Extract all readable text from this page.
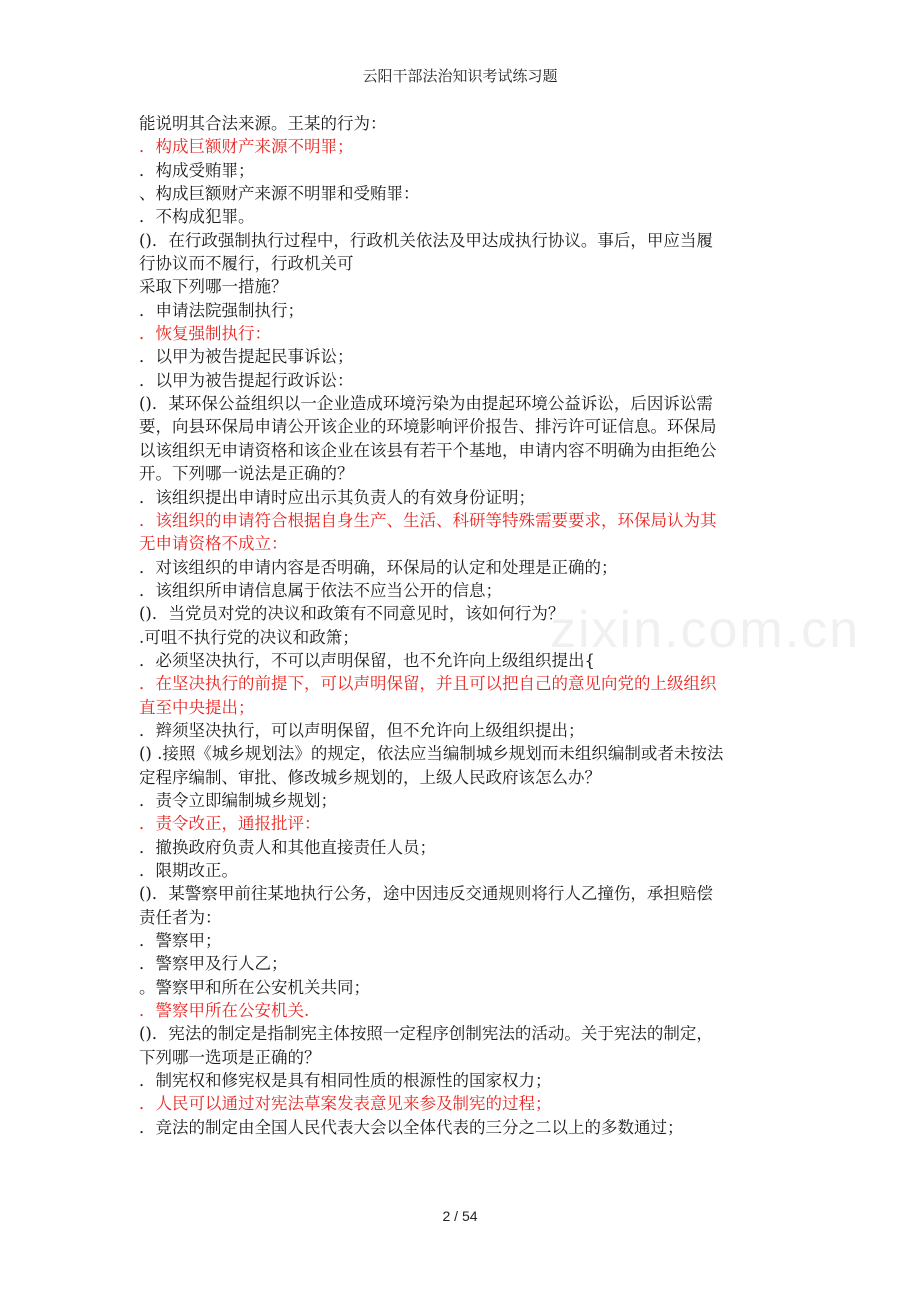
云阳干部法治知识考试练习题
zixin.com.cn
能说明其合法来源。王某的行为：
．构成巨额财产来源不明罪；
．构成受贿罪；
、构成巨额财产来源不明罪和受贿罪：
．不构成犯罪。
()．在行政强制执行过程中，行政机关依法及甲达成执行协议。事后，甲应当履
行协议而不履行，行政机关可
采取下列哪一措施？
．申请法院强制执行；
．恢复强制执行：
．以甲为被告提起民事诉讼；
．以甲为被告提起行政诉讼：
()．某环保公益组织以一企业造成环境污染为由提起环境公益诉讼，后因诉讼需
要，向县环保局申请公开该企业的环境影响评价报告、排污许可证信息。环保局
以该组织无申请资格和该企业在该县有若干个基地，申请内容不明确为由拒绝公
开。下列哪一说法是正确的？
．该组织提出申请时应出示其负责人的有效身份证明；
．该组织的申请符合根据自身生产、生活、科研等特殊需要要求，环保局认为其
无申请资格不成立：
．对该组织的申请内容是否明确，环保局的认定和处理是正确的；
．该组织所申请信息属于依法不应当公开的信息；
()．当党员对党的决议和政策有不同意见时，该如何行为？
.可咀不执行党的决议和政箫；
．必须坚决执行，不可以声明保留，也不允许向上级组织提出{
．在坚决执行的前提下，可以声明保留，并且可以把自己的意见向党的上级组织
直至中央提出；
．辫须坚决执行，可以声明保留，但不允许向上级组织提出；
() .接照《城乡规划法》的规定，依法应当编制城乡规划而未组织编制或者未按法
定程序编制、审批、修改城乡规划的，上级人民政府该怎么办？
．责令立即编制城乡规划；
．责令改正，通报批评：
．撤换政府负责人和其他直接责任人员；
．限期改正。
()．某警察甲前往某地执行公务，途中因违反交通规则将行人乙撞伤，承担赔偿
责任者为：
．警察甲；
．警察甲及行人乙；
。警察甲和所在公安机关共同；
．警察甲所在公安机关.
()．宪法的制定是指制宪主体按照一定程序创制宪法的活动。关于宪法的制定，
下列哪一选项是正确的？
．制宪权和修宪权是具有相同性质的根源性的国家权力；
．人民可以通过对宪法草案发表意见来参及制宪的过程；
．竞法的制定由全国人民代表大会以全体代表的三分之二以上的多数通过；
2 / 54
